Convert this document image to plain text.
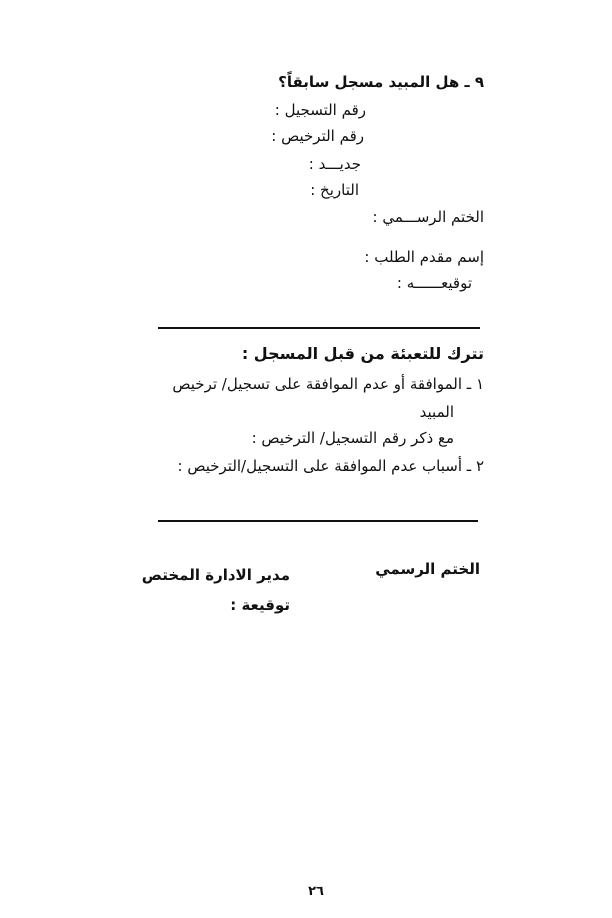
٩ ـ هل المبيد مسجل سابقاً؟
رقم التسجيل :
رقم الترخيص :
جديـــد :
التاريخ :
الختم الرســـمي :
إسم مقدم الطلب :
توقيعــــــه :
تترك للتعبئة من قبل المسجل :
١ ـ الموافقة أو عدم الموافقة على تسجيل/ ترخيص
المبيد
مع ذكر رقم التسجيل/ الترخيص :
٢ ـ أسباب عدم الموافقة على التسجيل/الترخيص :
الختم الرسمي
مدير الادارة المختص
توقيعة :
٢٦
